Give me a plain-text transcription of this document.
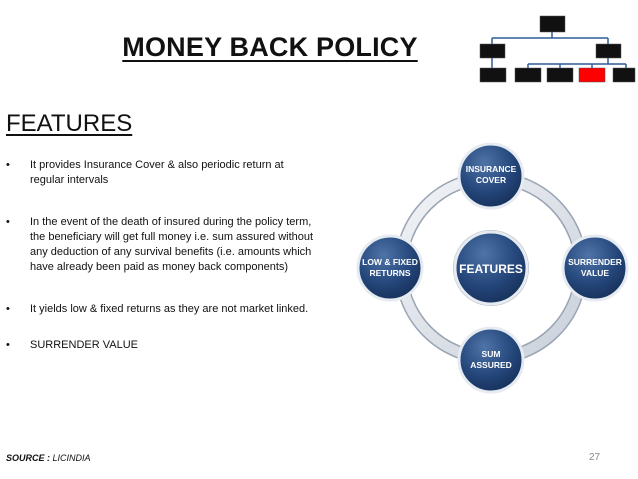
MONEY BACK POLICY
FEATURES
•	It provides Insurance Cover & also periodic return at regular intervals
•	In the event of the death of insured during the policy term, the beneficiary will get full money i.e. sum assured without any deduction of any survival benefits (i.e. amounts which have already been paid as money back components)
•	It yields low & fixed returns as they are not market linked.
•	SURRENDER VALUE
FEATURES
INSURANCE
COVER
SURRENDER
VALUE
SUM
ASSURED
LOW & FIXED
RETURNS
SOURCE : LICINDIA	27
